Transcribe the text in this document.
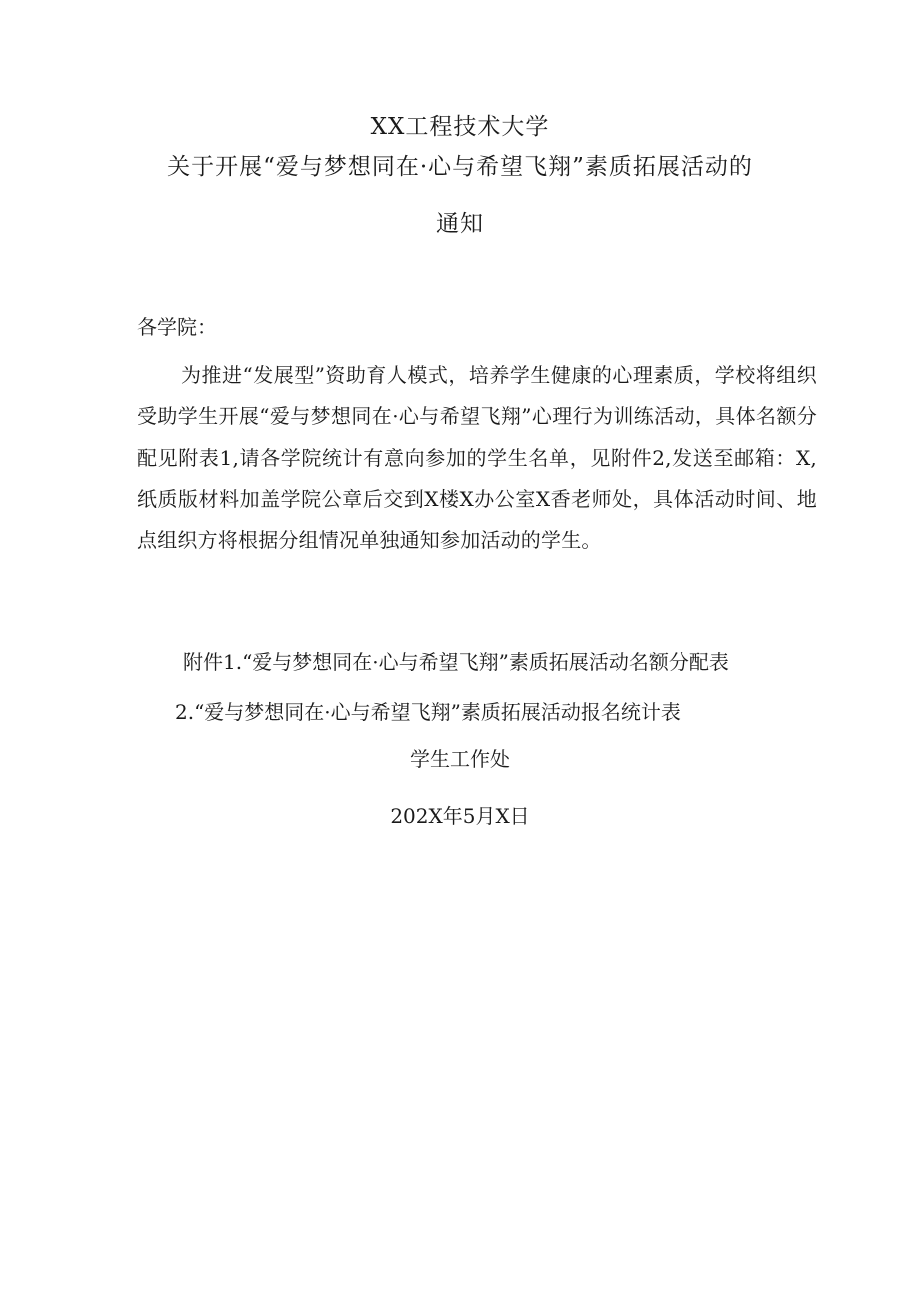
XX工程技术大学
关于开展“爱与梦想同在·心与希望飞翔”素质拓展活动的
通知
各学院：
为推进“发展型”资助育人模式，培养学生健康的心理素质，学校将组织受助学生开展“爱与梦想同在·心与希望飞翔”心理行为训练活动，具体名额分配见附表1,请各学院统计有意向参加的学生名单，见附件2,发送至邮箱：X,纸质版材料加盖学院公章后交到X楼X办公室X香老师处，具体活动时间、地点组织方将根据分组情况单独通知参加活动的学生。
附件1.“爱与梦想同在·心与希望飞翔”素质拓展活动名额分配表
2.“爱与梦想同在·心与希望飞翔”素质拓展活动报名统计表
学生工作处
202X年5月X日
